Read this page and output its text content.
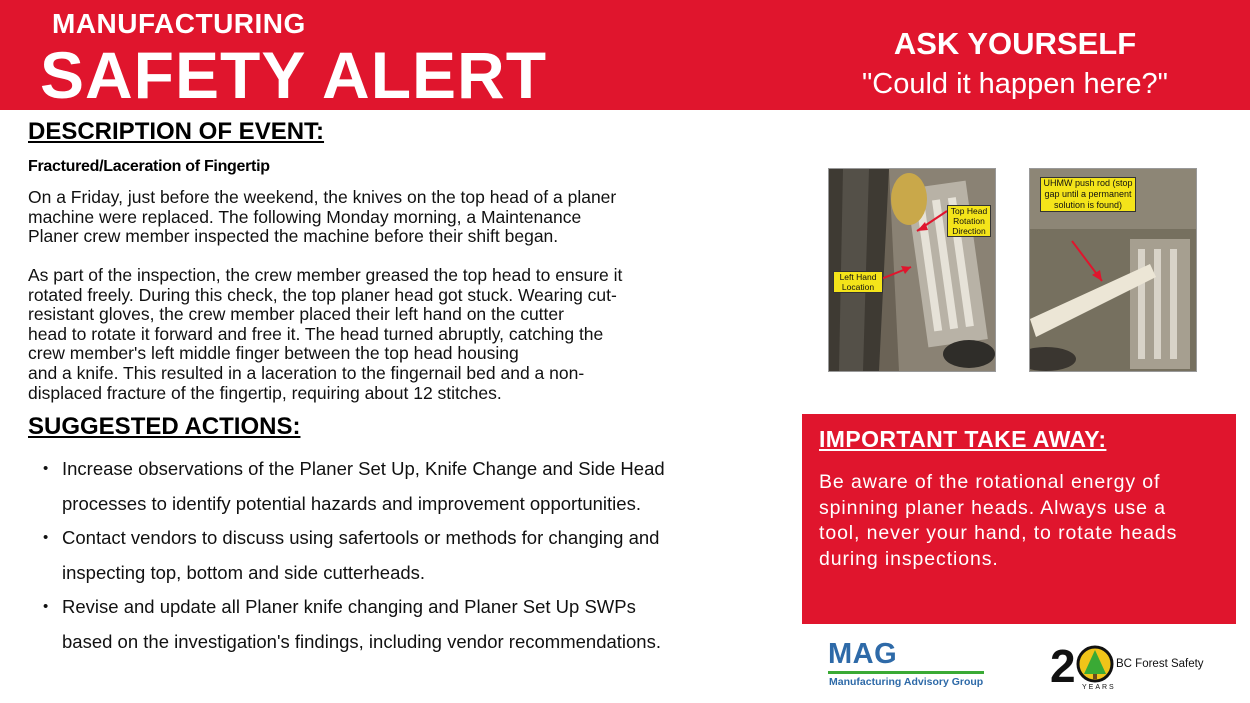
MANUFACTURING
SAFETY ALERT	ASK YOURSELF
"Could it happen here?"
DESCRIPTION OF EVENT:
Fractured/Laceration of Fingertip
On a Friday, just before the weekend, the knives on the top head of a planer
machine were replaced. The following Monday morning, a Maintenance
Planer crew member inspected the machine before their shift began.
As part of the inspection, the crew member greased the top head to ensure it
rotated freely. During this check, the top planer head got stuck. Wearing cut-
resistant gloves, the crew member placed their left hand on the cutter
head to rotate it forward and free it. The head turned abruptly, catching the
crew member's left middle finger between the top head housing
and a knife. This resulted in a laceration to the fingernail bed and a non-
displaced fracture of the fingertip, requiring about 12 stitches.
SUGGESTED ACTIONS:
• Increase observations of the Planer Set Up, Knife Change and Side Head
processes to identify potential hazards and improvement opportunities.
• Contact vendors to discuss using safertools or methods for changing and
inspecting top, bottom and side cutterheads.
• Revise and update all Planer knife changing and Planer Set Up SWPs
based on the investigation's findings, including vendor recommendations.
Top Head Rotation Direction
Left Hand Location
UHMW push rod (stop gap until a permanent solution is found)
IMPORTANT TAKE AWAY:
Be aware of the rotational energy of
spinning planer heads. Always use a
tool, never your hand, to rotate heads
during inspections.
MAG
Manufacturing Advisory Group 2 YEARS
BC Forest Safety
